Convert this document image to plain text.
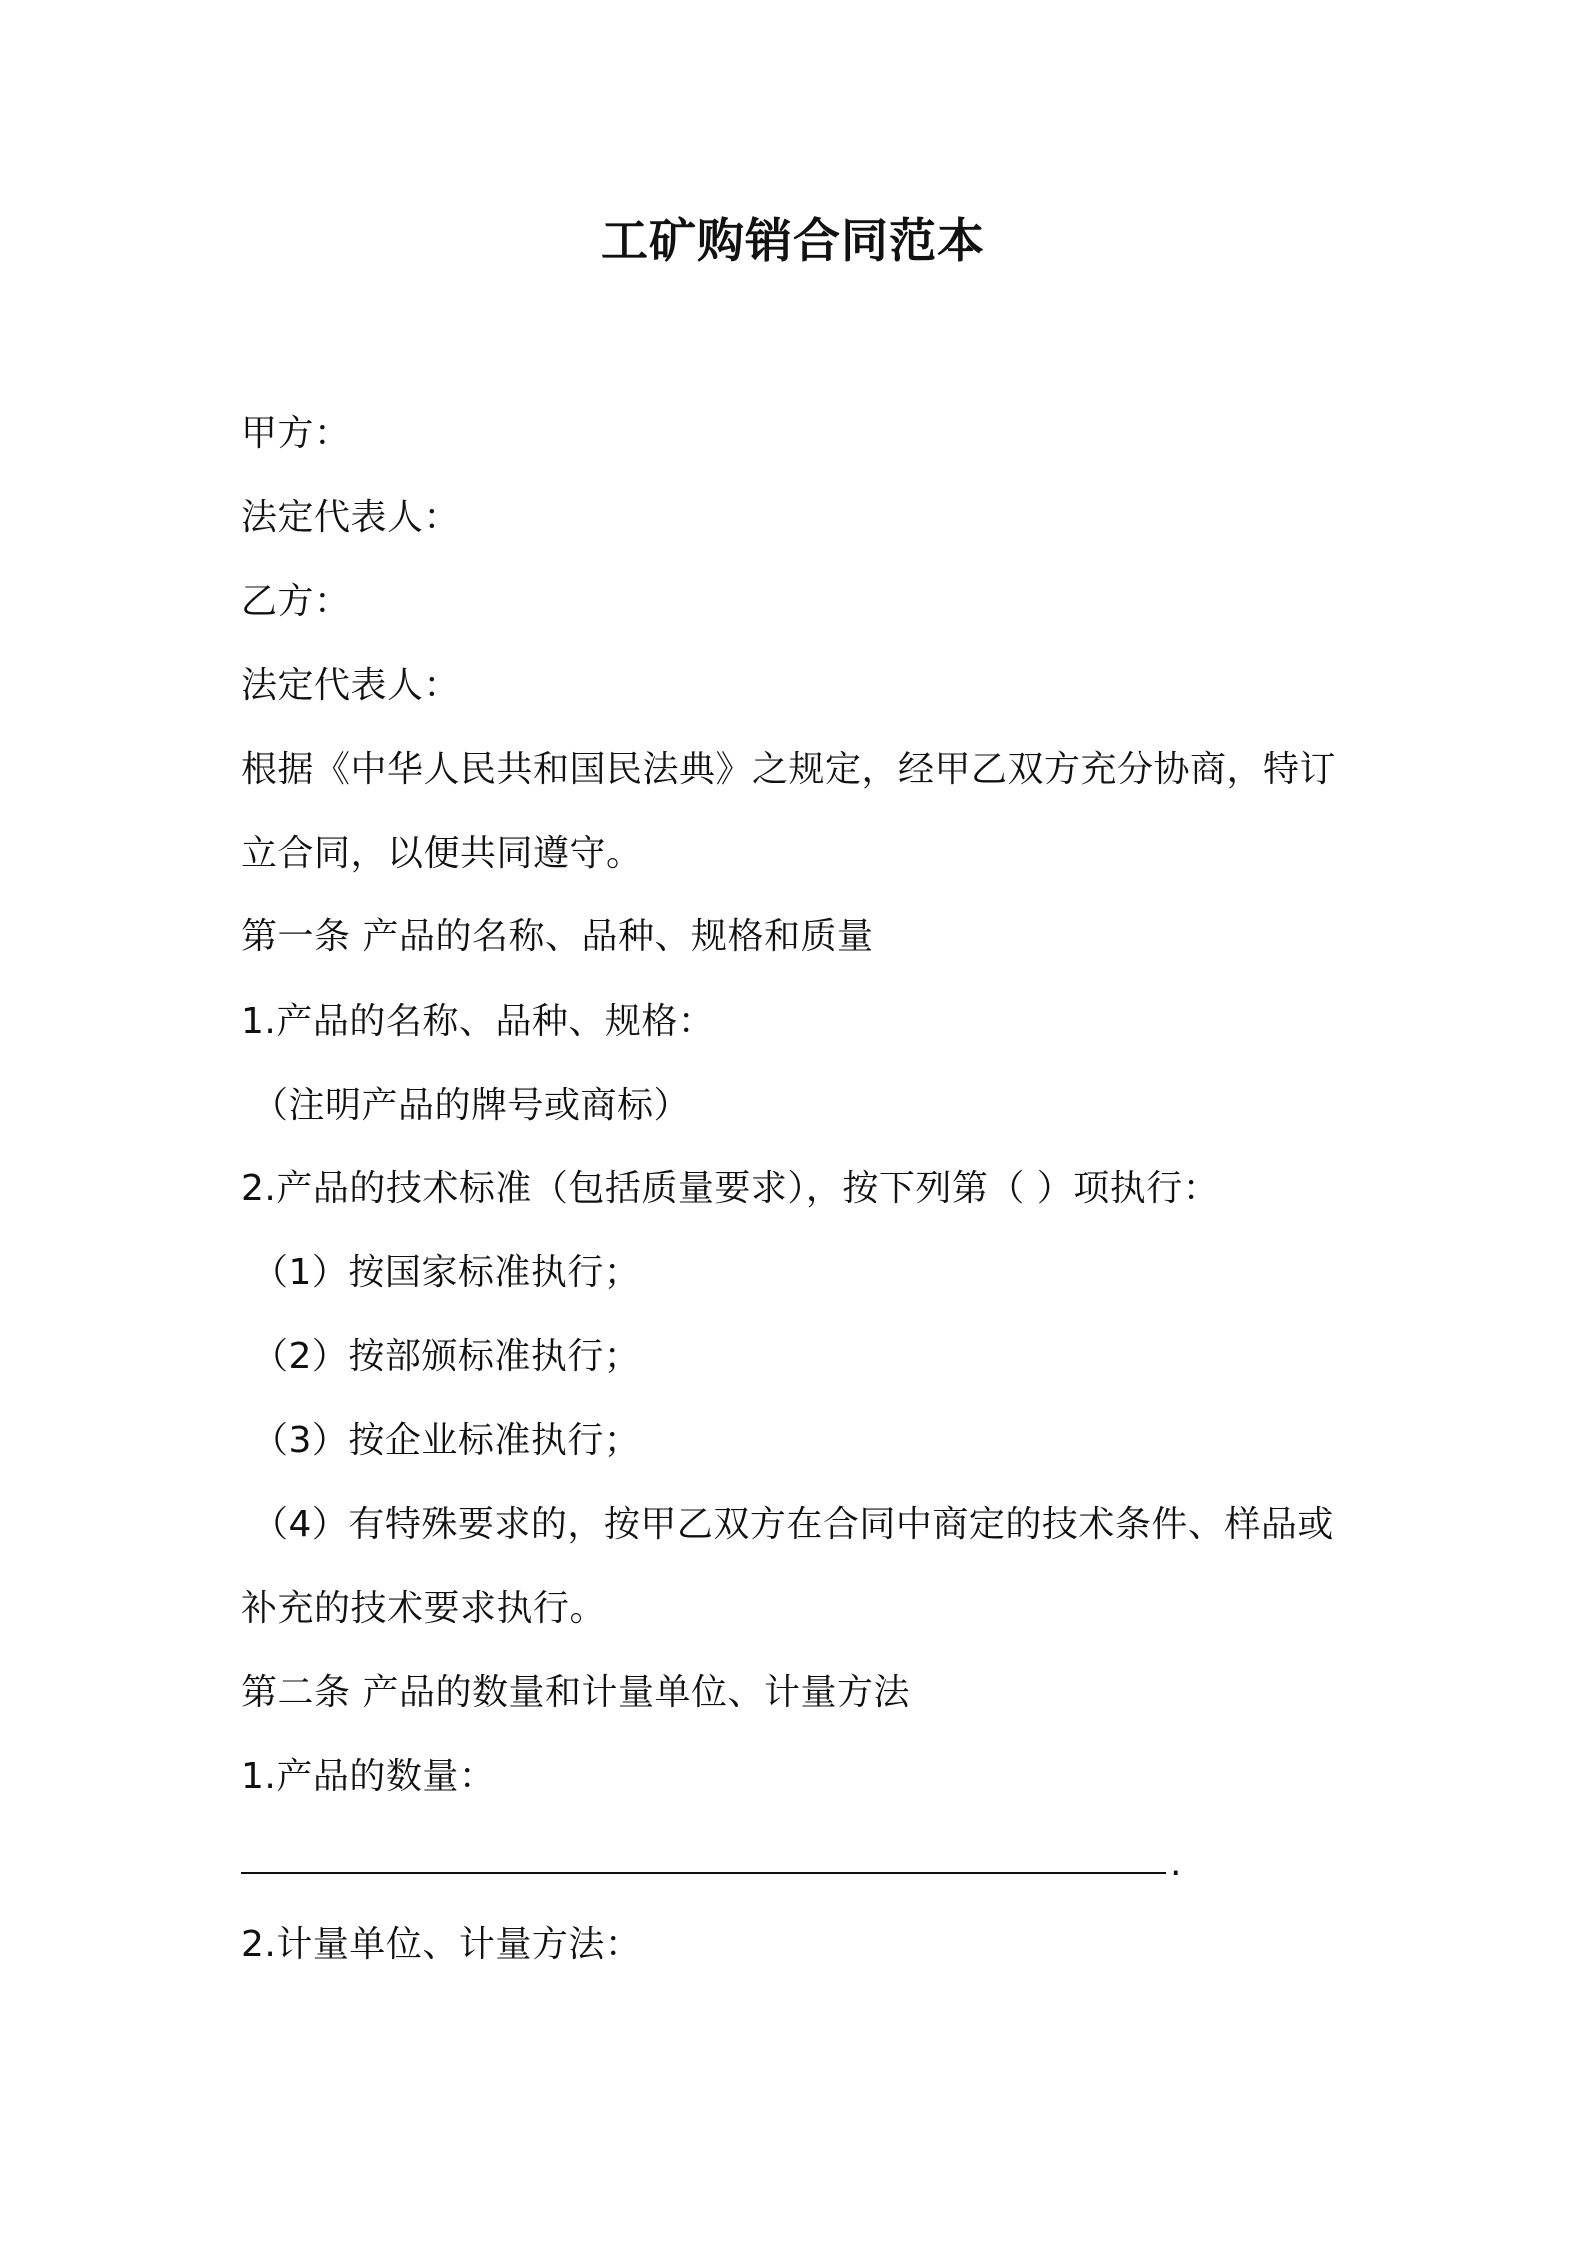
工矿购销合同范本
甲方：
法定代表人：
乙方：
法定代表人：
根据《中华人民共和国民法典》之规定，经甲乙双方充分协商，特订
立合同，以便共同遵守。
第一条 产品的名称、品种、规格和质量
1.产品的名称、品种、规格：
（注明产品的牌号或商标）
2.产品的技术标准（包括质量要求），按下列第（ ）项执行：
（1）按国家标准执行；
（2）按部颁标准执行；
（3）按企业标准执行；
（4）有特殊要求的，按甲乙双方在合同中商定的技术条件、样品或
补充的技术要求执行。
第二条 产品的数量和计量单位、计量方法
1.产品的数量：
.
2.计量单位、计量方法：
